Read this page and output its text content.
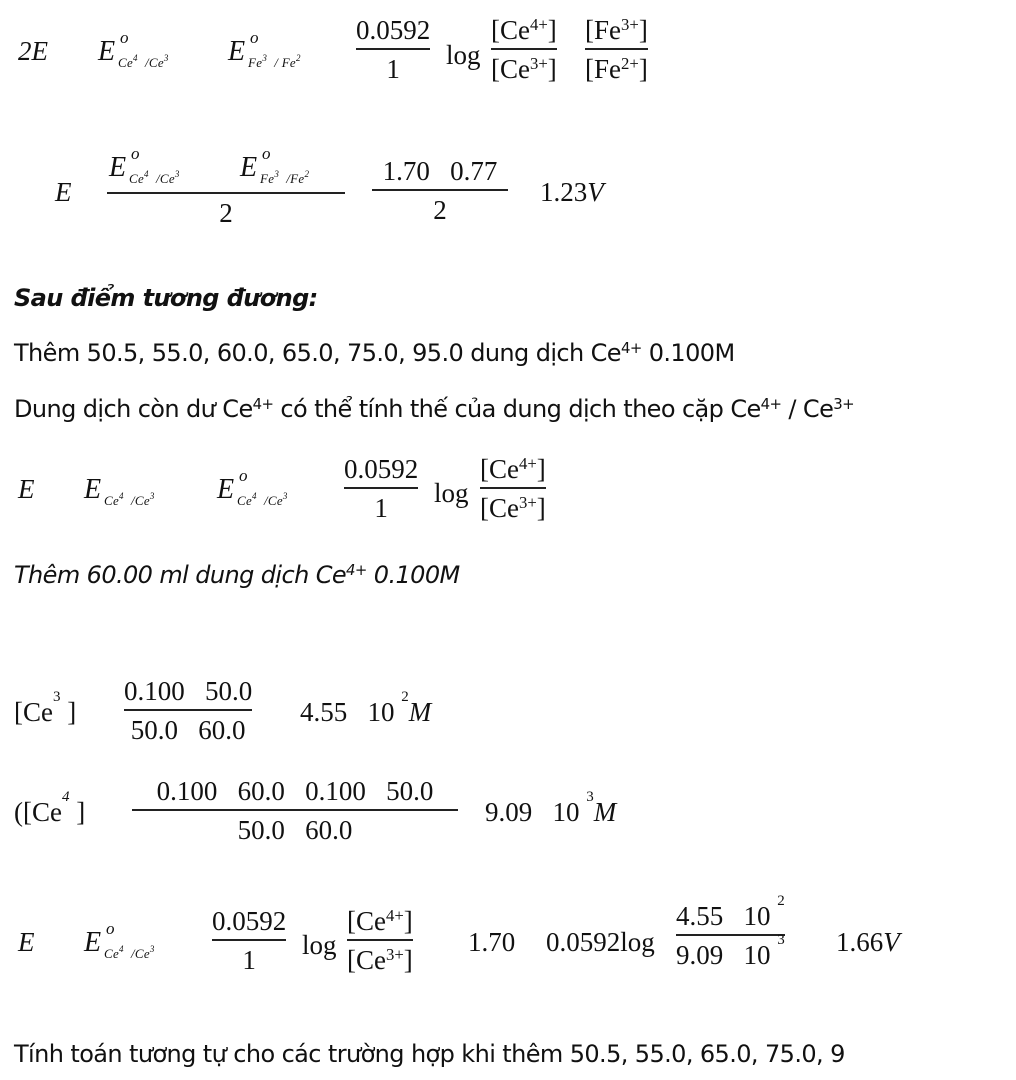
2E E o
Ce$^4$ /Ce$^3$ E o
Fe$^3$ / Fe$^2$
0.0592
1 log
$[Ce^{4+}]$
$[Ce^{3+}]$
$[Fe^{3+}]$
$[Fe^{2+}]$
E
E o
Ce$^4$ /Ce$^3$ E o
Fe$^3$ /Fe$^2$
2
1.70   0.77
2
1.23V
Sau điểm tương đương:
Thêm 50.5, 55.0, 60.0, 65.0, 75.0, 95.0 dung dịch $Ce^{4+}$ 0.100M
Dung dịch còn dư $Ce^{4+}$ có thể tính thế của dung dịch theo cặp $Ce^{4+} / Ce^{3+}$
E E Ce$^4$ /Ce$^3$ E o
Ce$^4$ /Ce$^3$
0.0592
1 log
$[Ce^{4+}]$
$[Ce^{3+}]$
Thêm 60.00 ml dung dịch $Ce^{4+}$ 0.100M
[Ce$^3$ ]
0.100   50.0
50.0   60.0
4.55   10 $^2$M
([Ce$^4$ ]
0.100   60.0   0.100   50.0
50.0   60.0
9.09   10 $^3$M
E E o
Ce$^4$ /Ce$^3$
0.0592
1 log
$[Ce^{4+}]$
$[Ce^{3+}]$
1.70 0.0592log
4.55   10 $^2$
9.09   10 $^3$ 1.66V
Tính toán tương tự cho các trường hợp khi thêm 50.5, 55.0, 65.0, 75.0, 9
